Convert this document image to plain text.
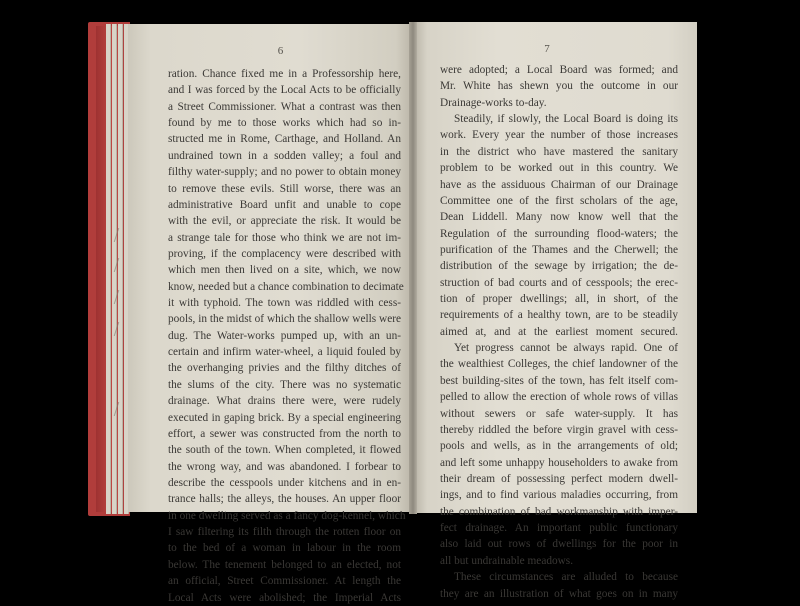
6
ration. Chance fixed me in a Professorship here,
and I was forced by the Local Acts to be officially
a Street Commissioner. What a contrast was then
found by me to those works which had so in-
structed me in Rome, Carthage, and Holland. An
undrained town in a sodden valley; a foul and
filthy water-supply; and no power to obtain money
to remove these evils. Still worse, there was an
administrative Board unfit and unable to cope
with the evil, or appreciate the risk. It would be
a strange tale for those who think we are not im-
proving, if the complacency were described with
which men then lived on a site, which, we now
know, needed but a chance combination to decimate
it with typhoid. The town was riddled with cess-
pools, in the midst of which the shallow wells were
dug. The Water-works pumped up, with an un-
certain and infirm water-wheel, a liquid fouled by
the overhanging privies and the filthy ditches of
the slums of the city. There was no systematic
drainage. What drains there were, were rudely
executed in gaping brick. By a special engineering
effort, a sewer was constructed from the north to
the south of the town. When completed, it flowed
the wrong way, and was abandoned. I forbear to
describe the cesspools under kitchens and in en-
trance halls; the alleys, the houses. An upper floor
in one dwelling served as a fancy dog-kennel, which
I saw filtering its filth through the rotten floor on
to the bed of a woman in labour in the room
below. The tenement belonged to an elected, not
an official, Street Commissioner. At length the
Local Acts were abolished; the Imperial Acts
7
were adopted; a Local Board was formed; and
Mr. White has shewn you the outcome in our
Drainage-works to-day.
Steadily, if slowly, the Local Board is doing its
work. Every year the number of those increases
in the district who have mastered the sanitary
problem to be worked out in this country. We
have as the assiduous Chairman of our Drainage
Committee one of the first scholars of the age,
Dean Liddell. Many now know well that the
Regulation of the surrounding flood-waters; the
purification of the Thames and the Cherwell; the
distribution of the sewage by irrigation; the de-
struction of bad courts and of cesspools; the erec-
tion of proper dwellings; all, in short, of the
requirements of a healthy town, are to be steadily
aimed at, and at the earliest moment secured.
Yet progress cannot be always rapid. One of
the wealthiest Colleges, the chief landowner of the
best building-sites of the town, has felt itself com-
pelled to allow the erection of whole rows of villas
without sewers or safe water-supply. It has
thereby riddled the before virgin gravel with cess-
pools and wells, as in the arrangements of old;
and left some unhappy householders to awake from
their dream of possessing perfect modern dwell-
ings, and to find various maladies occurring, from
the combination of bad workmanship with imper-
fect drainage. An important public functionary
also laid out rows of dwellings for the poor in
all but undrainable meadows.
These circumstances are alluded to because
they are an illustration of what goes on in many
